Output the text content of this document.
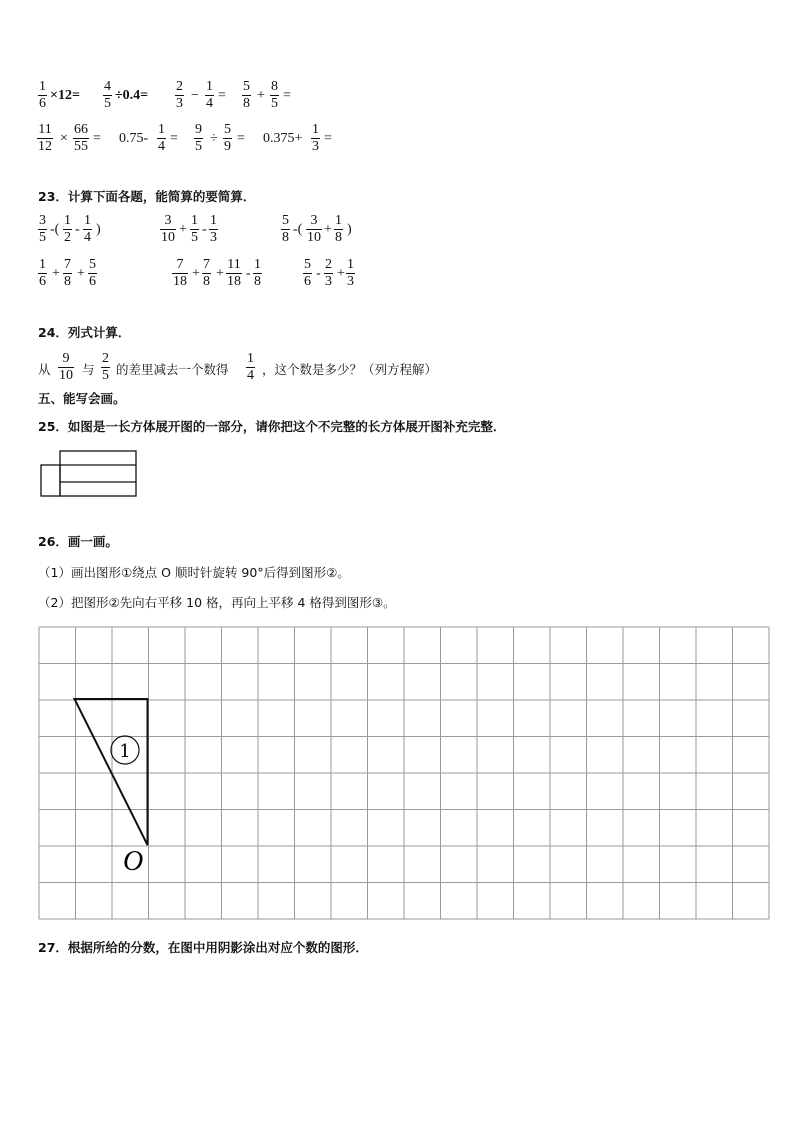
$\frac{1}{6} \times 12= \frac{4}{5} \div 0.4= \frac{2}{3} - \frac{1}{4} = \frac{5}{8} + \frac{8}{5}$ =
$\frac{11}{12} \times \frac{66}{55} = 0.75- \frac{1}{4} = \frac{9}{5} \div \frac{5}{9} = 0.375+ \frac{1}{3}$ =
23．计算下面各题，能简算的要简算．
$\frac{3}{5}$ -( $\frac{1}{2} - \frac{1}{4}$ )	$\frac{3}{10} + \frac{1}{5} - \frac{1}{3}$	$\frac{5}{8}$ -( $\frac{3}{10} + \frac{1}{8}$ )
$\frac{1}{6} + \frac{7}{8} + \frac{5}{6}$	$\frac{7}{18} + \frac{7}{8} + \frac{11}{18} - \frac{1}{8}$	$\frac{5}{6} - \frac{2}{3} + \frac{1}{3}$
24．列式计算．
从 $\frac{9}{10}$ 与 $\frac{2}{5}$ 的差里减去一个数得 $\frac{1}{4}$ ，这个数是多少？（列方程解）
五、能写会画。
25．如图是一长方体展开图的一部分，请你把这个不完整的长方体展开图补充完整．
26．画一画。
（1）画出图形①绕点 O 顺时针旋转 90°后得到图形②。
（2）把图形②先向右平移 10 格，再向上平移 4 格得到图形③。
1
O
27．根据所给的分数，在图中用阴影涂出对应个数的图形．
